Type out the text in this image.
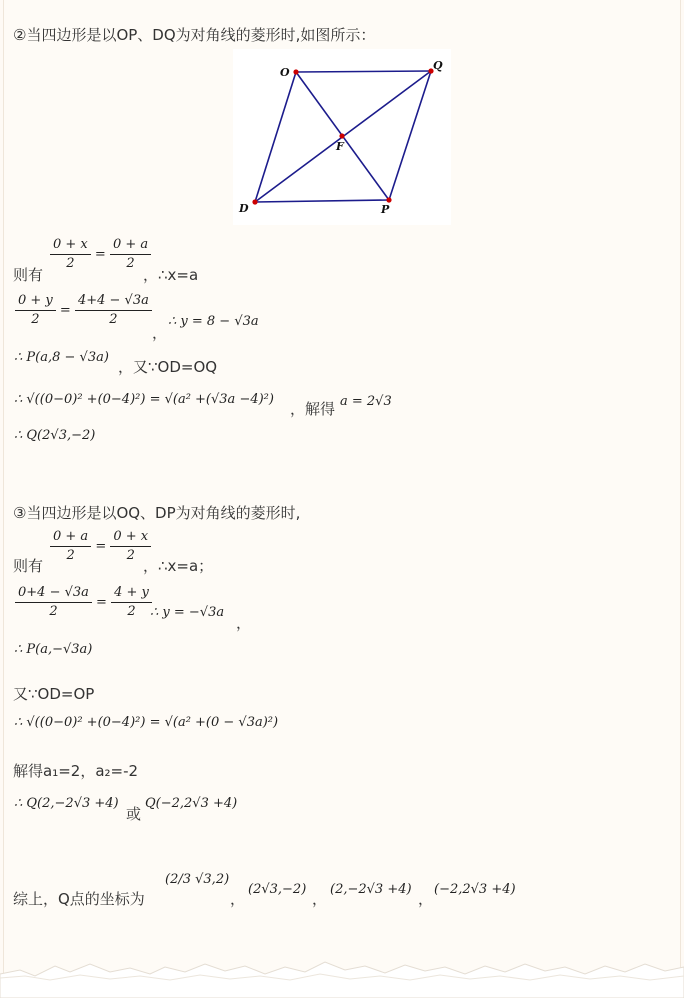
②当四边形是以OP、DQ为对角线的菱形时,如图所示：
O
Q
F
D	P
则有
$\frac{0 + x}{2} = \frac{0 + a}{2}$
，∴x=a
$\frac{0 + y}{2} = \frac{4+4 - √3a}{2}$
，
∴ y = 8 − √3a
∴ P(a,8 − √3a)
，又∵OD=OQ
∴ √((0−0)² +(0−4)²) = √(a² +(√3a −4)²)
，解得 a = 2√3
∴ Q(2√3,−2)
③当四边形是以OQ、DP为对角线的菱形时,
则有
$\frac{0 + a}{2} = \frac{0 + x}{2}$
，∴x=a；
$\frac{0+4 - √3a}{2} = \frac{4 + y}{2}$
∴ y = −√3a
，
∴ P(a,−√3a)
又∵OD=OP
∴ √((0−0)² +(0−4)²) = √(a² +(0 − √3a)²)
解得a₁=2，a₂=-2
∴ Q(2,−2√3 +4)
或
Q(−2,2√3 +4)
综上，Q点的坐标为
(2/3 √3,2)
，
(2√3,−2)
，
(2,−2√3 +4)
，
(−2,2√3 +4)
